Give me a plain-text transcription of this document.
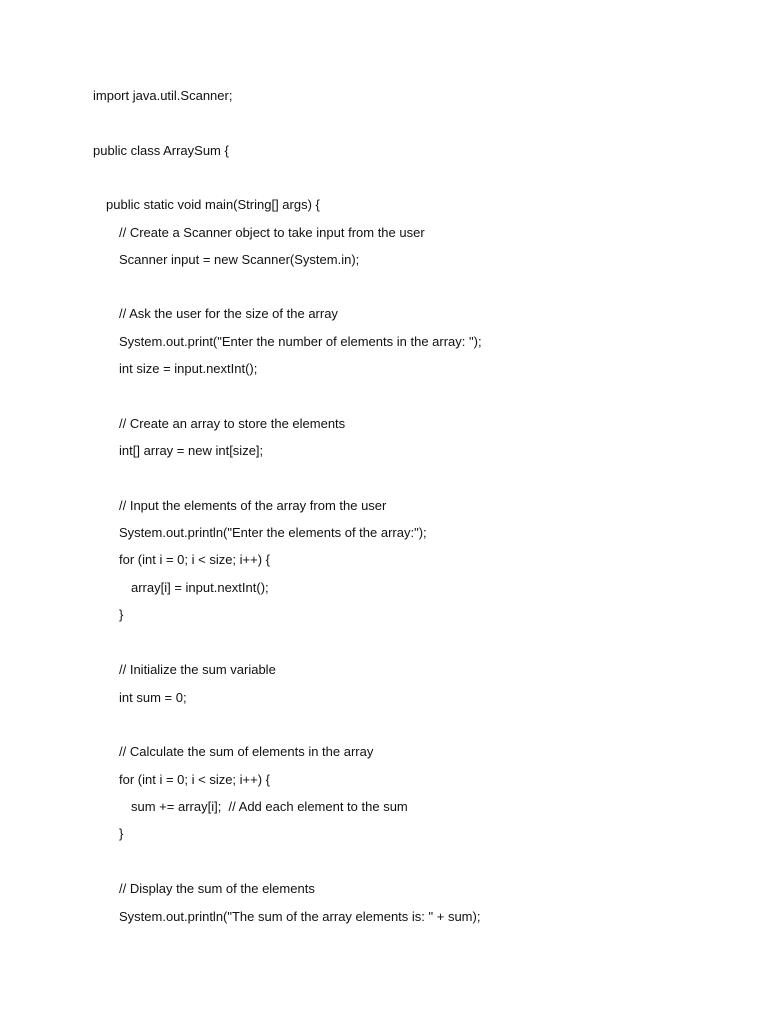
import java.util.Scanner;
public class ArraySum {
public static void main(String[] args) {
// Create a Scanner object to take input from the user
Scanner input = new Scanner(System.in);
// Ask the user for the size of the array
System.out.print("Enter the number of elements in the array: ");
int size = input.nextInt();
// Create an array to store the elements
int[] array = new int[size];
// Input the elements of the array from the user
System.out.println("Enter the elements of the array:");
for (int i = 0; i < size; i++) {
array[i] = input.nextInt();
}
// Initialize the sum variable
int sum = 0;
// Calculate the sum of elements in the array
for (int i = 0; i < size; i++) {
sum += array[i];  // Add each element to the sum
}
// Display the sum of the elements
System.out.println("The sum of the array elements is: " + sum);
